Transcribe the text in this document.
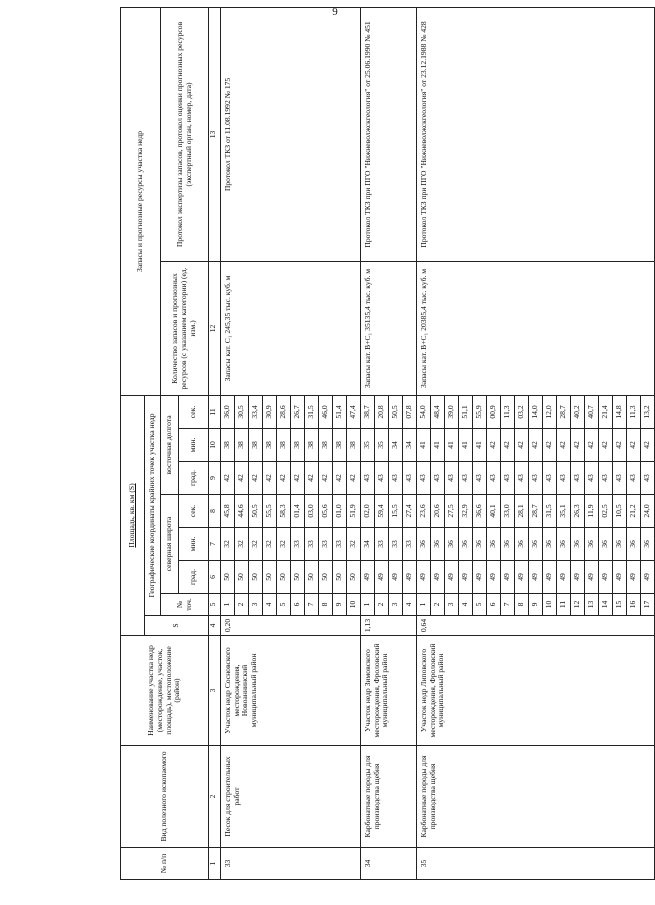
9
№ п/п	Вид полезного ископаемого	Наименование участка недр (месторождение, участок, площадь), местоположение (район)	Площадь, кв. км (S)								Запасы и прогнозные ресурсы участка недр	
			S	Географические координаты крайних точек участка недр								
				№ точ.	северная широта			восточная долгота			Количество запасов и прогнозных ресурсов (с указанием категории) (ед. изм.)	Протокол экспертизы запасов, протокол оценки прогнозных ресурсов (экспертный орган, номер, дата)
					град.	мин.	сек.	град.	мин.	сек.		
1	2	3	4	5	6	7	8	9	10	11	12	13
33	Песок для строительных работ	Участок недр Сосновского месторождения, Новоаннинский муниципальный район	0,20	1	50	32	45,8	42	38	36,0	Запасы кат. C₁ 245,35 тыс. куб. м	Протокол ТКЗ от 11.08.1992 № 175
				2	50	32	44,6	42	38	30,5		
				3	50	32	50,5	42	38	33,4		
				4	50	32	55,5	42	38	30,9		
				5	50	32	58,3	42	38	28,6		
				6	50	33	01,4	42	38	26,7		
				7	50	33	03,0	42	38	31,5		
				8	50	33	05,6	42	38	46,0		
				9	50	33	01,0	42	38	51,4		
				10	50	32	51,9	42	38	47,4		
34	Карбонатные породы для производства щебня	Участок недр Зимовского месторождения, Фроловский муниципальный район	1,13	1	49	34	02,0	43	35	38,7	Запасы кат. B+C₁ 35135,4 тыс. куб. м	Протокол ТКЗ при ПГО "Нижневолжскгеология" от 25.06.1990 № 451
				2	49	33	59,4	43	35	20,8		
				3	49	33	15,5	43	34	50,5		
				4	49	33	27,4	43	34	07,8		
35	Карбонатные породы для производства щебня	Участок недр Липовского месторождения, Фроловский муниципальный район	0,64	1	49	36	23,6	43	41	54,0	Запасы кат. B+C₁ 20385,4 тыс. куб. м	Протокол ТКЗ при ПГО "Нижневолжскгеология" от 23.12.1988 № 428
				2	49	36	20,6	43	41	48,4		
				3	49	36	27,5	43	41	39,0		
				4	49	36	32,9	43	41	51,1		
				5	49	36	36,6	43	41	55,9		
				6	49	36	40,1	43	42	00,9		
				7	49	36	33,0	43	42	11,3		
				8	49	36	28,1	43	42	03,2		
				9	49	36	28,7	43	42	14,0		
				10	49	36	31,5	43	42	12,0		
				11	49	36	35,1	43	42	28,7		
				12	49	36	26,3	43	42	40,2		
				13	49	36	11,9	43	42	40,7		
				14	49	36	02,5	43	42	21,4		
				15	49	36	10,5	43	42	14,8		
				16	49	36	21,2	43	42	11,3		
				17	49	36	24,0	43	42	13,2		
